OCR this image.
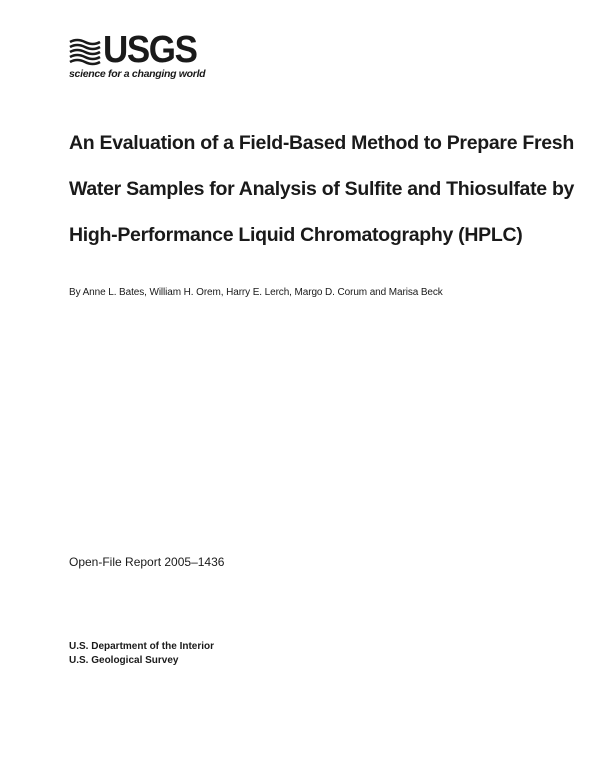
USGS
science for a changing world
An Evaluation of a Field-Based Method to Prepare Fresh
Water Samples for Analysis of Sulfite and Thiosulfate by
High-Performance Liquid Chromatography (HPLC)
By Anne L. Bates, William H. Orem, Harry E. Lerch, Margo D. Corum and Marisa Beck
Open-File Report 2005–1436
U.S. Department of the Interior
U.S. Geological Survey
